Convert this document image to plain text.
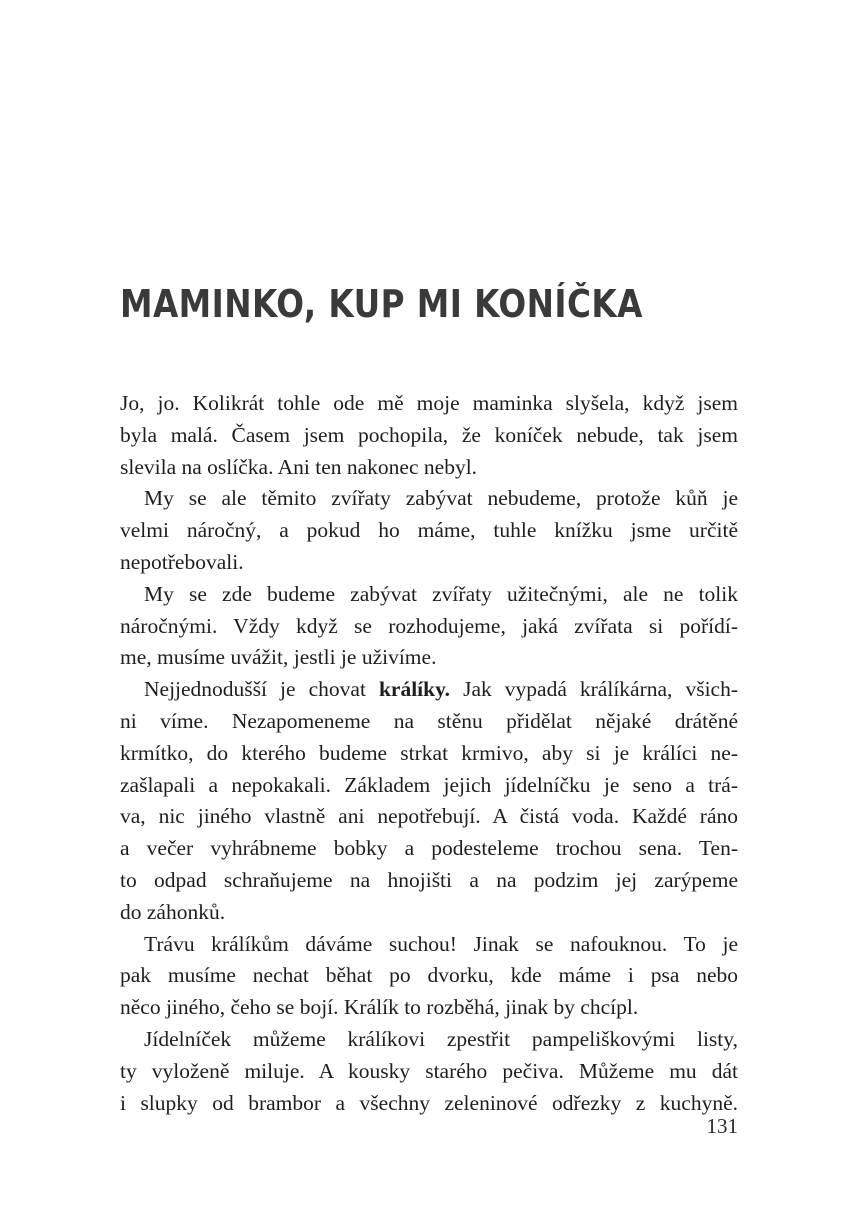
MAMINKO, KUP MI KONÍČKA
Jo, jo. Kolikrát tohle ode mě moje maminka slyšela, když jsem
byla malá. Časem jsem pochopila, že koníček nebude, tak jsem
slevila na oslíčka. Ani ten nakonec nebyl.
My se ale těmito zvířaty zabývat nebudeme, protože kůň je
velmi náročný, a pokud ho máme, tuhle knížku jsme určitě
nepotřebovali.
My se zde budeme zabývat zvířaty užitečnými, ale ne tolik
náročnými. Vždy když se rozhodujeme, jaká zvířata si pořídí-
me, musíme uvážit, jestli je uživíme.
Nejjednodušší je chovat králíky. Jak vypadá králíkárna, všich-
ni víme. Nezapomeneme na stěnu přidělat nějaké drátěné
krmítko, do kterého budeme strkat krmivo, aby si je králíci ne-
zašlapali a nepokakali. Základem jejich jídelníčku je seno a trá-
va, nic jiného vlastně ani nepotřebují. A čistá voda. Každé ráno
a večer vyhrábneme bobky a podesteleme trochou sena. Ten-
to odpad schraňujeme na hnojišti a na podzim jej zarýpeme
do záhonků.
Trávu králíkům dáváme suchou! Jinak se nafouknou. To je
pak musíme nechat běhat po dvorku, kde máme i psa nebo
něco jiného, čeho se bojí. Králík to rozběhá, jinak by chcípl.
Jídelníček můžeme králíkovi zpestřit pampeliškovými listy,
ty vyloženě miluje. A kousky starého pečiva. Můžeme mu dát
i slupky od brambor a všechny zeleninové odřezky z kuchyně.
131
